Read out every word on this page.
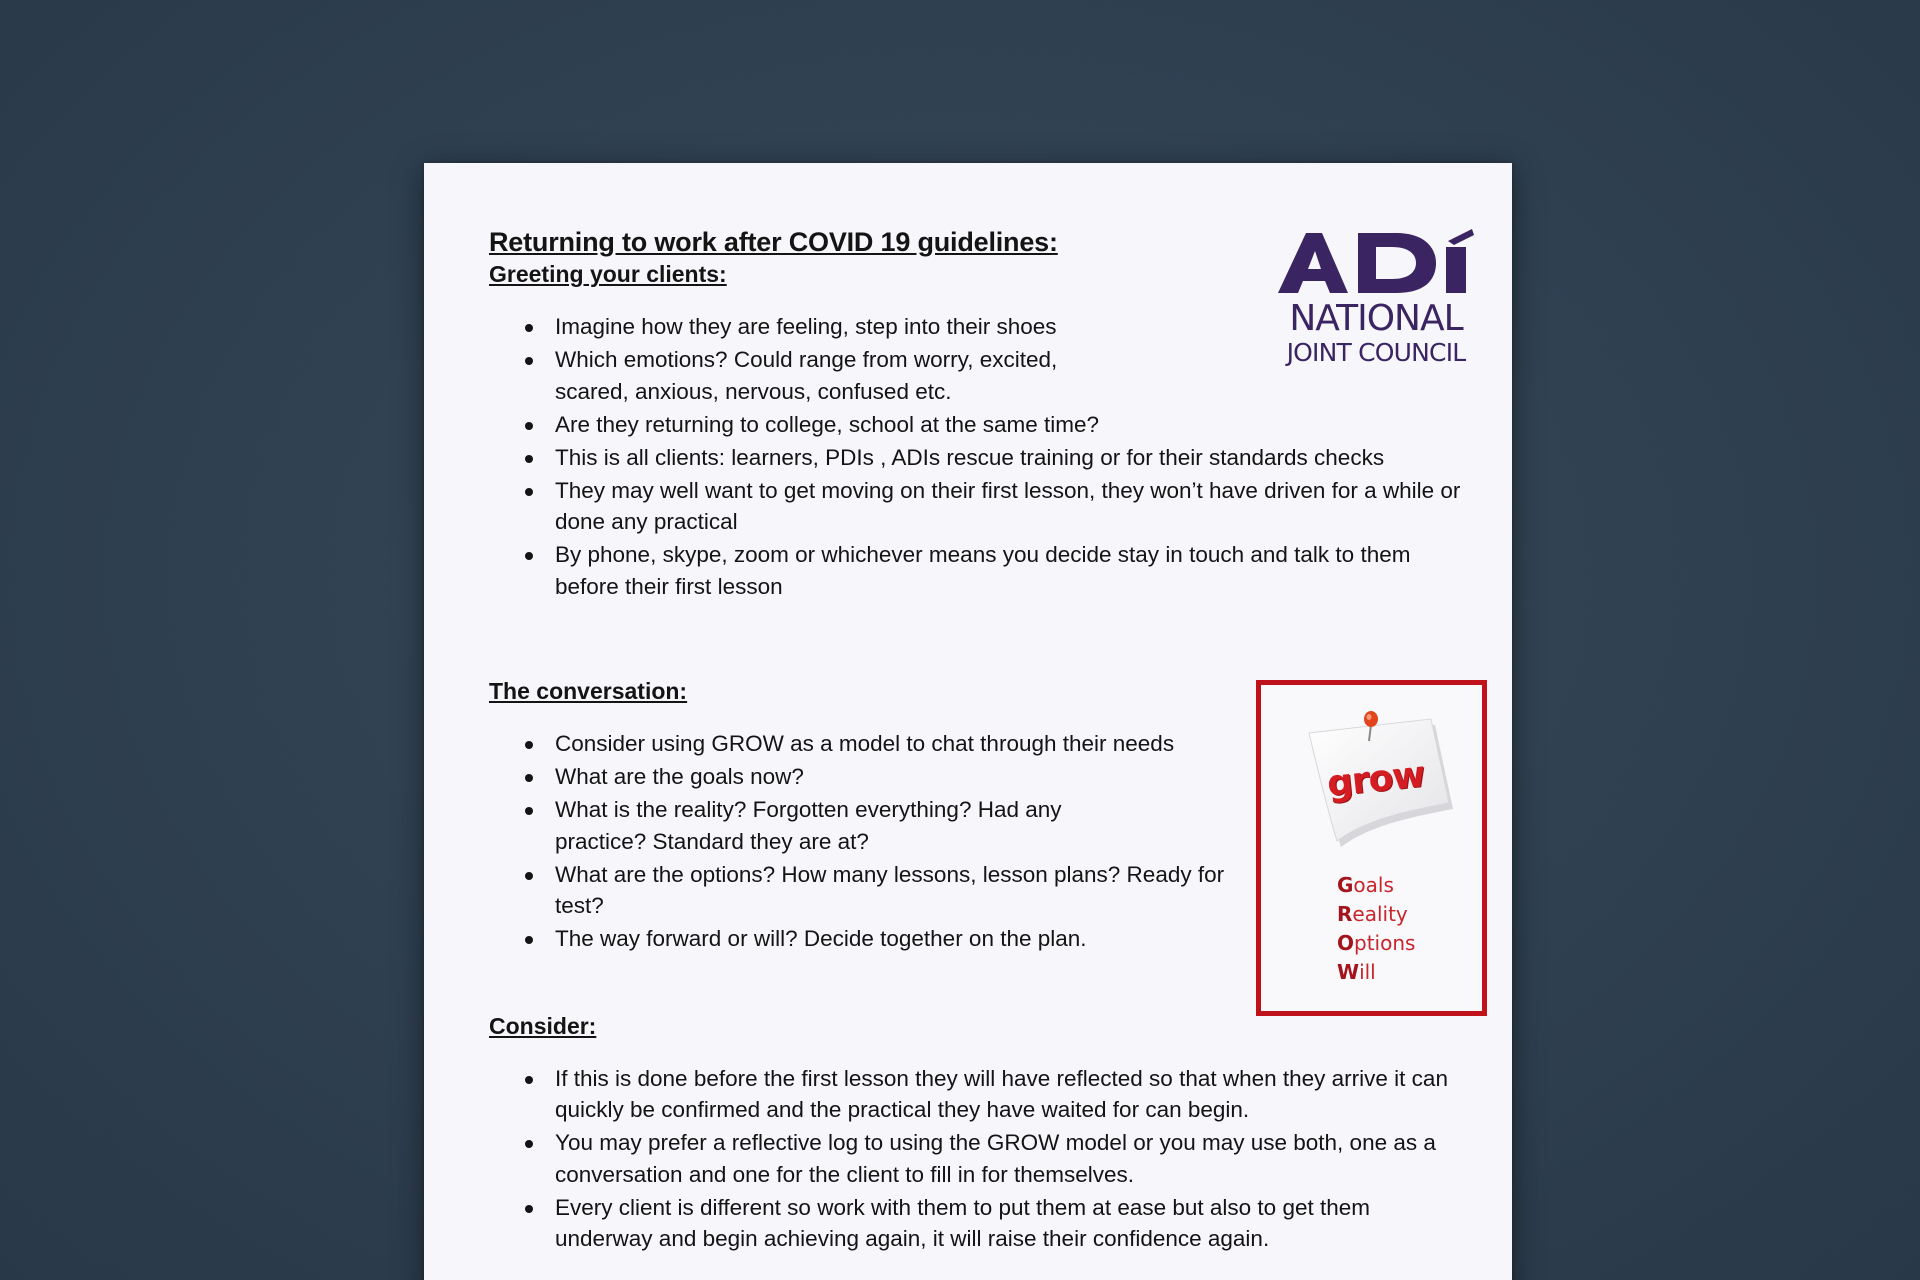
Returning to work after COVID 19 guidelines:
Greeting your clients:
Imagine how they are feeling, step into their shoes
Which emotions? Could range from worry, excited, scared, anxious, nervous, confused etc.
Are they returning to college, school at the same time?
This is all clients: learners, PDIs , ADIs rescue training or for their standards checks
They may well want to get moving on their first lesson, they won’t have driven for a while or done any practical
By phone, skype, zoom or whichever means you decide stay in touch and talk to them before their first lesson
The conversation:
Consider using GROW as a model to chat through their needs
What are the goals now?
What is the reality? Forgotten everything? Had any practice? Standard they are at?
What are the options? How many lessons, lesson plans? Ready for test?
The way forward or will? Decide together on the plan.
Consider:
If this is done before the first lesson they will have reflected so that when they arrive it can quickly be confirmed and the practical they have waited for can begin.
You may prefer a reflective log to using the GROW model or you may use both, one as a conversation and one for the client to fill in for themselves.
Every client is different so work with them to put them at ease but also to get them underway and begin achieving again, it will raise their confidence again.
NATIONAL
JOINT COUNCIL
grow
Goals
Reality
Options
Will
